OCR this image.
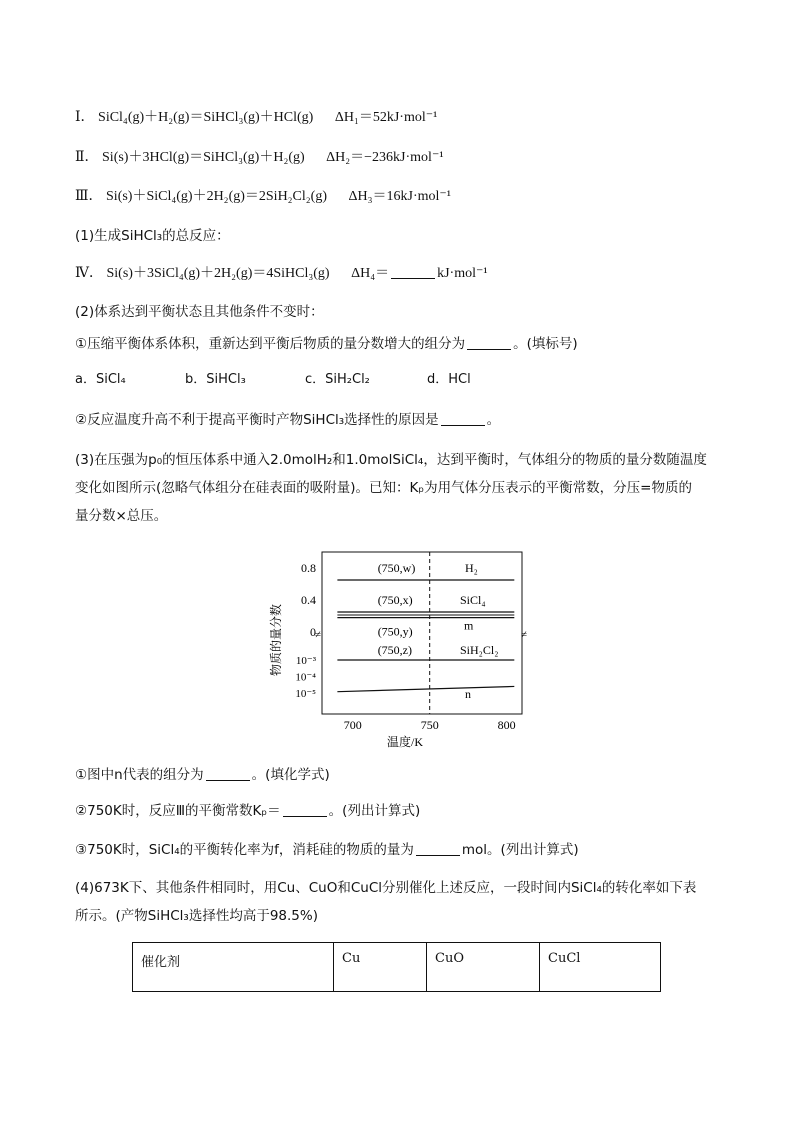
Ⅰ． SiCl₄(g)＋H₂(g)＝SiHCl₃(g)＋HCl(g) ΔH₁＝52kJ·mol⁻¹
Ⅱ． Si(s)＋3HCl(g)＝SiHCl₃(g)＋H₂(g) ΔH₂＝−236kJ·mol⁻¹
Ⅲ． Si(s)＋SiCl₄(g)＋2H₂(g)＝2SiH₂Cl₂(g) ΔH₃＝16kJ·mol⁻¹
(1)生成SiHCl₃的总反应：
Ⅳ． Si(s)＋3SiCl₄(g)＋2H₂(g)＝4SiHCl₃(g) ΔH₄＝	kJ·mol⁻¹
(2)体系达到平衡状态且其他条件不变时：
①压缩平衡体系体积，重新达到平衡后物质的量分数增大的组分为	。(填标号)
a．SiCl₄	b．SiHCl₃	c．SiH₂Cl₂	d．HCl
②反应温度升高不利于提高平衡时产物SiHCl₃选择性的原因是	。
(3)在压强为p₀的恒压体系中通入2.0molH₂和1.0molSiCl₄，达到平衡时，气体组分的物质的量分数随温度
变化如图所示(忽略气体组分在硅表面的吸附量)。已知：Kₚ为用气体分压表示的平衡常数，分压=物质的
量分数×总压。
≠	≠
0.8
0.4
0
10⁻³
10⁻⁴
10⁻⁵
700	750	800
温度/K
物质的量分数
(750,w)
(750,x)
(750,y)
(750,z)
H₂
SiCl₄
m
SiH₂Cl₂
n
①图中n代表的组分为	。(填化学式)
②750K时，反应Ⅲ的平衡常数Kₚ＝	。(列出计算式)
③750K时，SiCl₄的平衡转化率为f，消耗硅的物质的量为	mol。(列出计算式)
(4)673K下、其他条件相同时，用Cu、CuO和CuCl分别催化上述反应，一段时间内SiCl₄的转化率如下表
所示。(产物SiHCl₃选择性均高于98.5%)
催化剂	Cu	CuO	CuCl
